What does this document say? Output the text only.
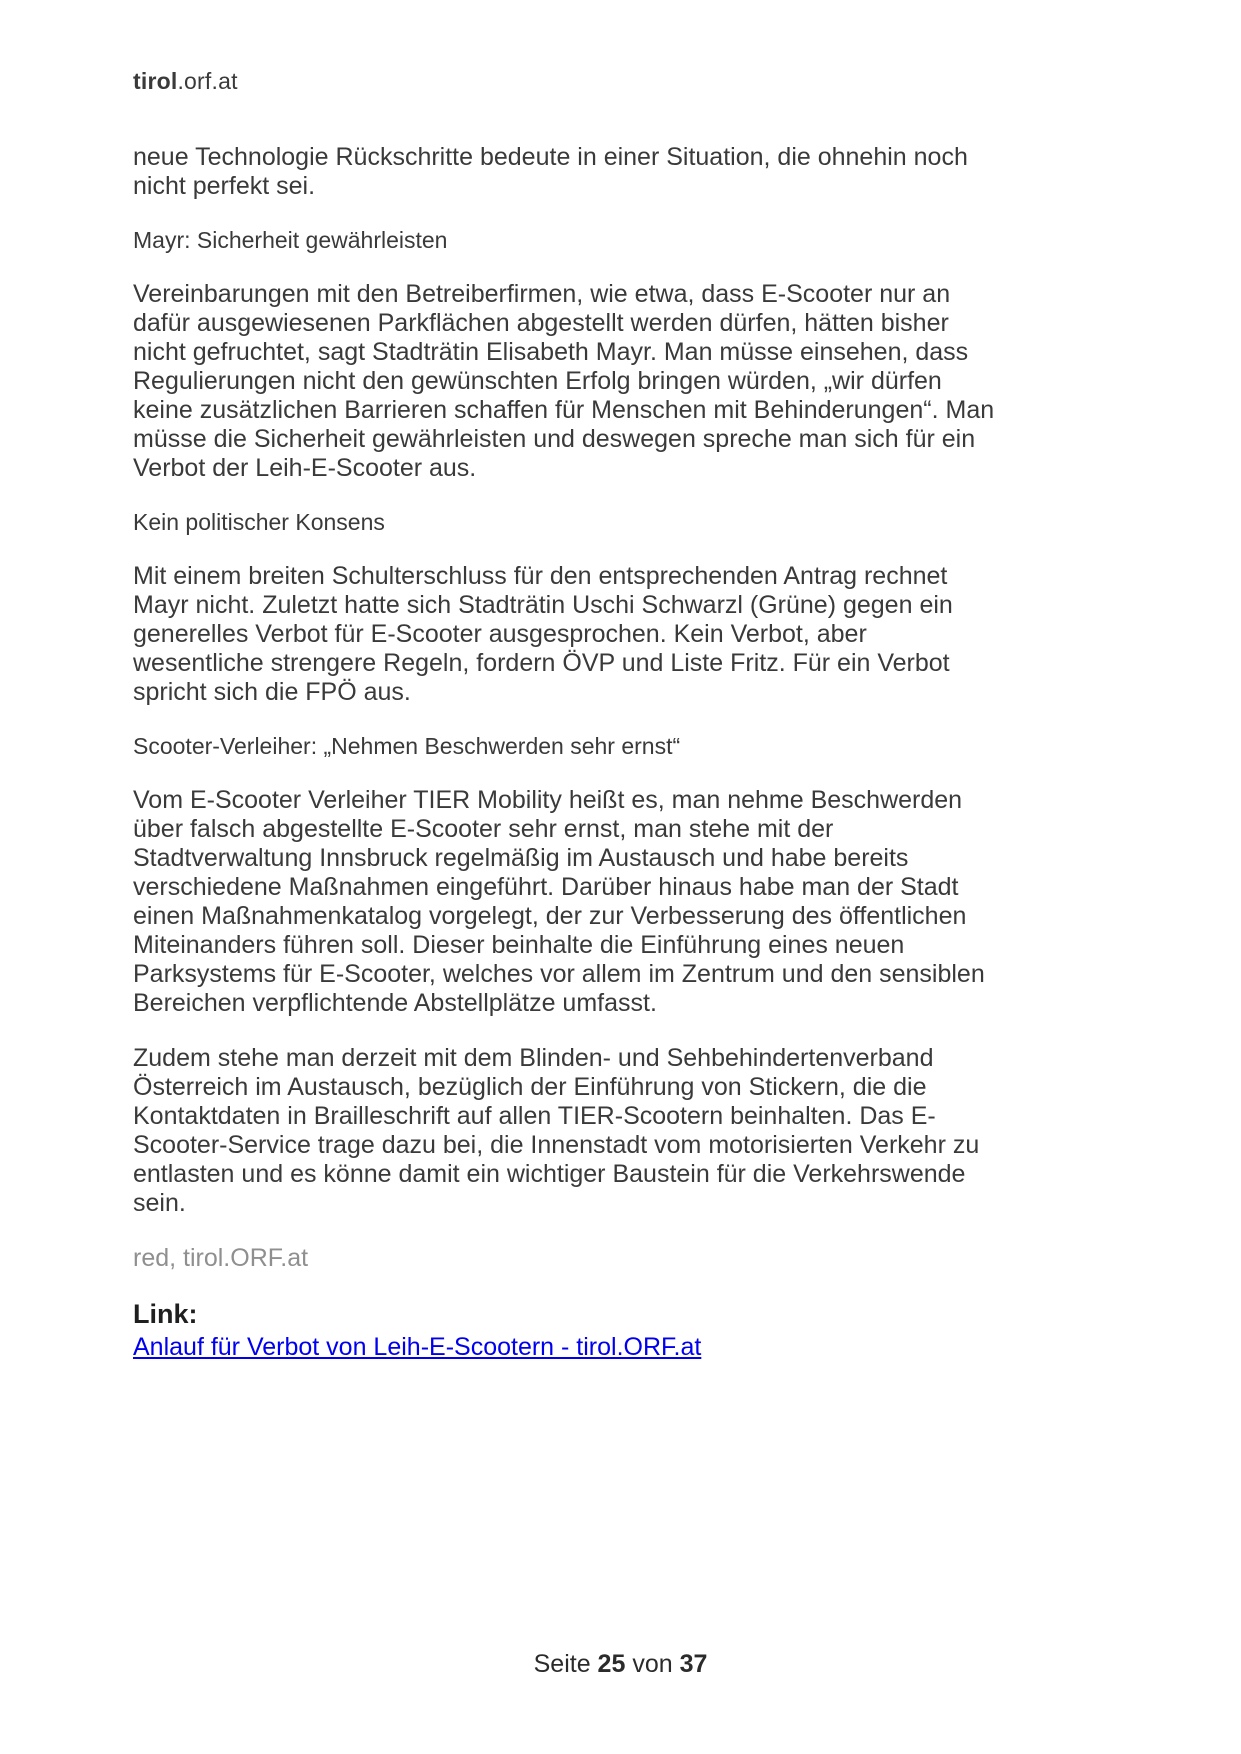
tirol.orf.at

neue Technologie Rückschritte bedeute in einer Situation, die ohnehin noch nicht perfekt sei.

Mayr: Sicherheit gewährleisten

Vereinbarungen mit den Betreiberfirmen, wie etwa, dass E-Scooter nur an dafür ausgewiesenen Parkflächen abgestellt werden dürfen, hätten bisher nicht gefruchtet, sagt Stadträtin Elisabeth Mayr. Man müsse einsehen, dass Regulierungen nicht den gewünschten Erfolg bringen würden, „wir dürfen keine zusätzlichen Barrieren schaffen für Menschen mit Behinderungen“. Man müsse die Sicherheit gewährleisten und deswegen spreche man sich für ein Verbot der Leih-E-Scooter aus.

Kein politischer Konsens

Mit einem breiten Schulterschluss für den entsprechenden Antrag rechnet Mayr nicht. Zuletzt hatte sich Stadträtin Uschi Schwarzl (Grüne) gegen ein generelles Verbot für E-Scooter ausgesprochen. Kein Verbot, aber wesentliche strengere Regeln, fordern ÖVP und Liste Fritz. Für ein Verbot spricht sich die FPÖ aus.

Scooter-Verleiher: „Nehmen Beschwerden sehr ernst“

Vom E-Scooter Verleiher TIER Mobility heißt es, man nehme Beschwerden über falsch abgestellte E-Scooter sehr ernst, man stehe mit der Stadtverwaltung Innsbruck regelmäßig im Austausch und habe bereits verschiedene Maßnahmen eingeführt. Darüber hinaus habe man der Stadt einen Maßnahmenkatalog vorgelegt, der zur Verbesserung des öffentlichen Miteinanders führen soll. Dieser beinhalte die Einführung eines neuen Parksystems für E-Scooter, welches vor allem im Zentrum und den sensiblen Bereichen verpflichtende Abstellplätze umfasst.

Zudem stehe man derzeit mit dem Blinden- und Sehbehindertenverband Österreich im Austausch, bezüglich der Einführung von Stickern, die die Kontaktdaten in Brailleschrift auf allen TIER-Scootern beinhalten. Das E-Scooter-Service trage dazu bei, die Innenstadt vom motorisierten Verkehr zu entlasten und es könne damit ein wichtiger Baustein für die Verkehrswende sein.

red, tirol.ORF.at

Link:
Anlauf für Verbot von Leih-E-Scootern - tirol.ORF.at
Seite 25 von 37
